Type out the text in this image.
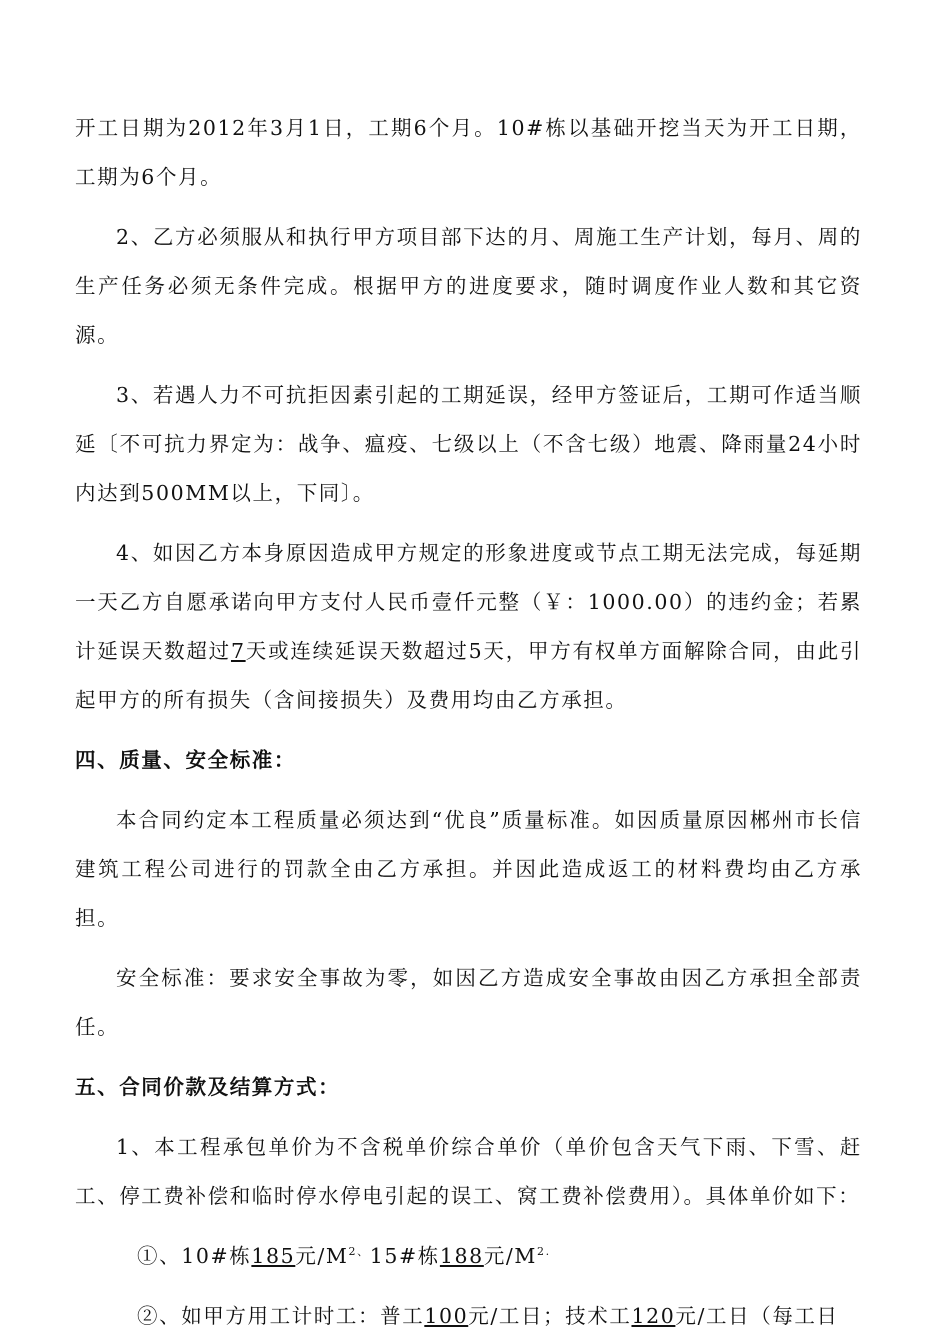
开工日期为2012年3月1日，工期6个月。10#栋以基础开挖当天为开工日期，工期为6个月。

2、乙方必须服从和执行甲方项目部下达的月、周施工生产计划，每月、周的生产任务必须无条件完成。根据甲方的进度要求，随时调度作业人数和其它资源。

3、若遇人力不可抗拒因素引起的工期延误，经甲方签证后，工期可作适当顺延〔不可抗力界定为：战争、瘟疫、七级以上（不含七级）地震、降雨量24小时内达到500MM以上，下同〕。

4、如因乙方本身原因造成甲方规定的形象进度或节点工期无法完成，每延期一天乙方自愿承诺向甲方支付人民币壹仟元整（￥：1000.00）的违约金；若累计延误天数超过7天或连续延误天数超过5天，甲方有权单方面解除合同，由此引起甲方的所有损失（含间接损失）及费用均由乙方承担。

四、质量、安全标准：

本合同约定本工程质量必须达到“优良”质量标准。如因质量原因郴州市长信建筑工程公司进行的罚款全由乙方承担。并因此造成返工的材料费均由乙方承担。

安全标准：要求安全事故为零，如因乙方造成安全事故由因乙方承担全部责任。

五、合同价款及结算方式：

1、本工程承包单价为不含税单价综合单价（单价包含天气下雨、下雪、赶工、停工费补偿和临时停水停电引起的误工、窝工费补偿费用）。具体单价如下：

①、10#栋185元$/M^{2、}15\#$栋188元$/M^{2.}$
②、如甲方用工计时工：普工100元/工日；技术工120元/工日（每工日
